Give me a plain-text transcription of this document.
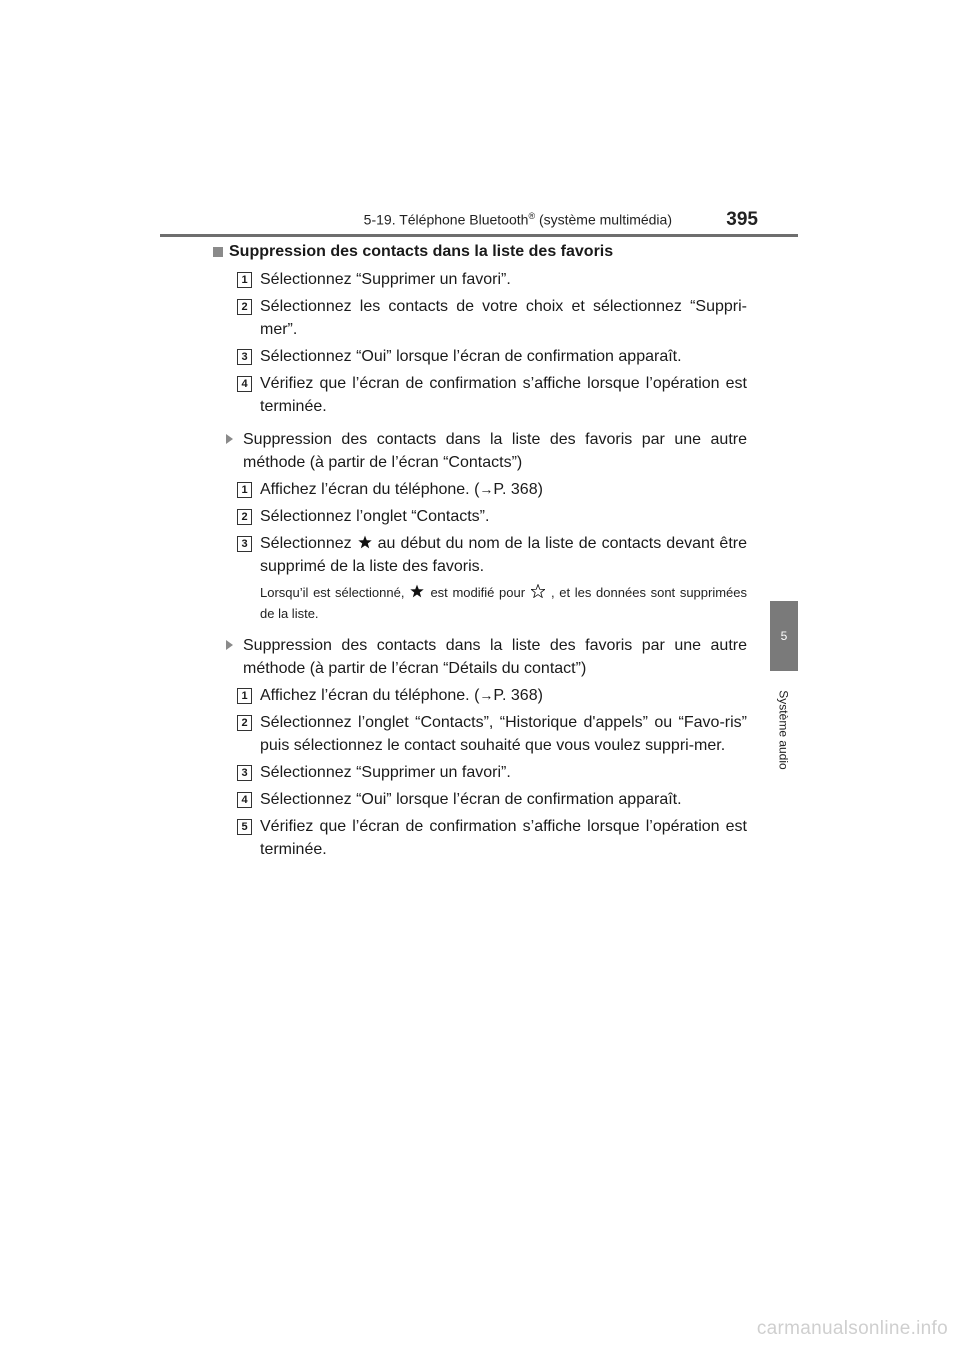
5-19. Téléphone Bluetooth® (système multimédia)	395
5
Système audio
Suppression des contacts dans la liste des favoris
1 Sélectionnez “Supprimer un favori”.
2 Sélectionnez les contacts de votre choix et sélectionnez “Suppri-mer”.
3 Sélectionnez “Oui” lorsque l’écran de confirmation apparaît.
4 Vérifiez que l’écran de confirmation s’affiche lorsque l’opération est terminée.
Suppression des contacts dans la liste des favoris par une autre méthode (à partir de l’écran “Contacts”)
1 Affichez l’écran du téléphone. (→P. 368)
2 Sélectionnez l’onglet “Contacts”.
3 Sélectionnez au début du nom de la liste de contacts devant être supprimé de la liste des favoris.
Lorsqu’il est sélectionné, est modifié pour , et les données sont supprimées de la liste.
Suppression des contacts dans la liste des favoris par une autre méthode (à partir de l’écran “Détails du contact”)
1 Affichez l’écran du téléphone. (→P. 368)
2 Sélectionnez l’onglet “Contacts”, “Historique d'appels” ou “Favo-ris” puis sélectionnez le contact souhaité que vous voulez suppri-mer.
3 Sélectionnez “Supprimer un favori”.
4 Sélectionnez “Oui” lorsque l’écran de confirmation apparaît.
5 Vérifiez que l’écran de confirmation s’affiche lorsque l’opération est terminée.
carmanualsonline.info
